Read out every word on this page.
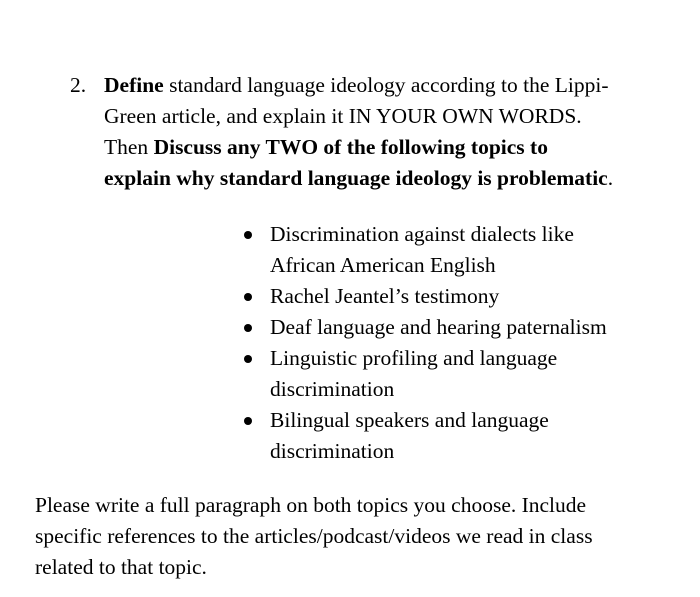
2. Define standard language ideology according to the Lippi-
Green article, and explain it IN YOUR OWN WORDS.
Then Discuss any TWO of the following topics to
explain why standard language ideology is problematic.
Discrimination against dialects like
African American English
Rachel Jeantel’s testimony
Deaf language and hearing paternalism
Linguistic profiling and language
discrimination
Bilingual speakers and language
discrimination
Please write a full paragraph on both topics you choose. Include
specific references to the articles/podcast/videos we read in class
related to that topic.
